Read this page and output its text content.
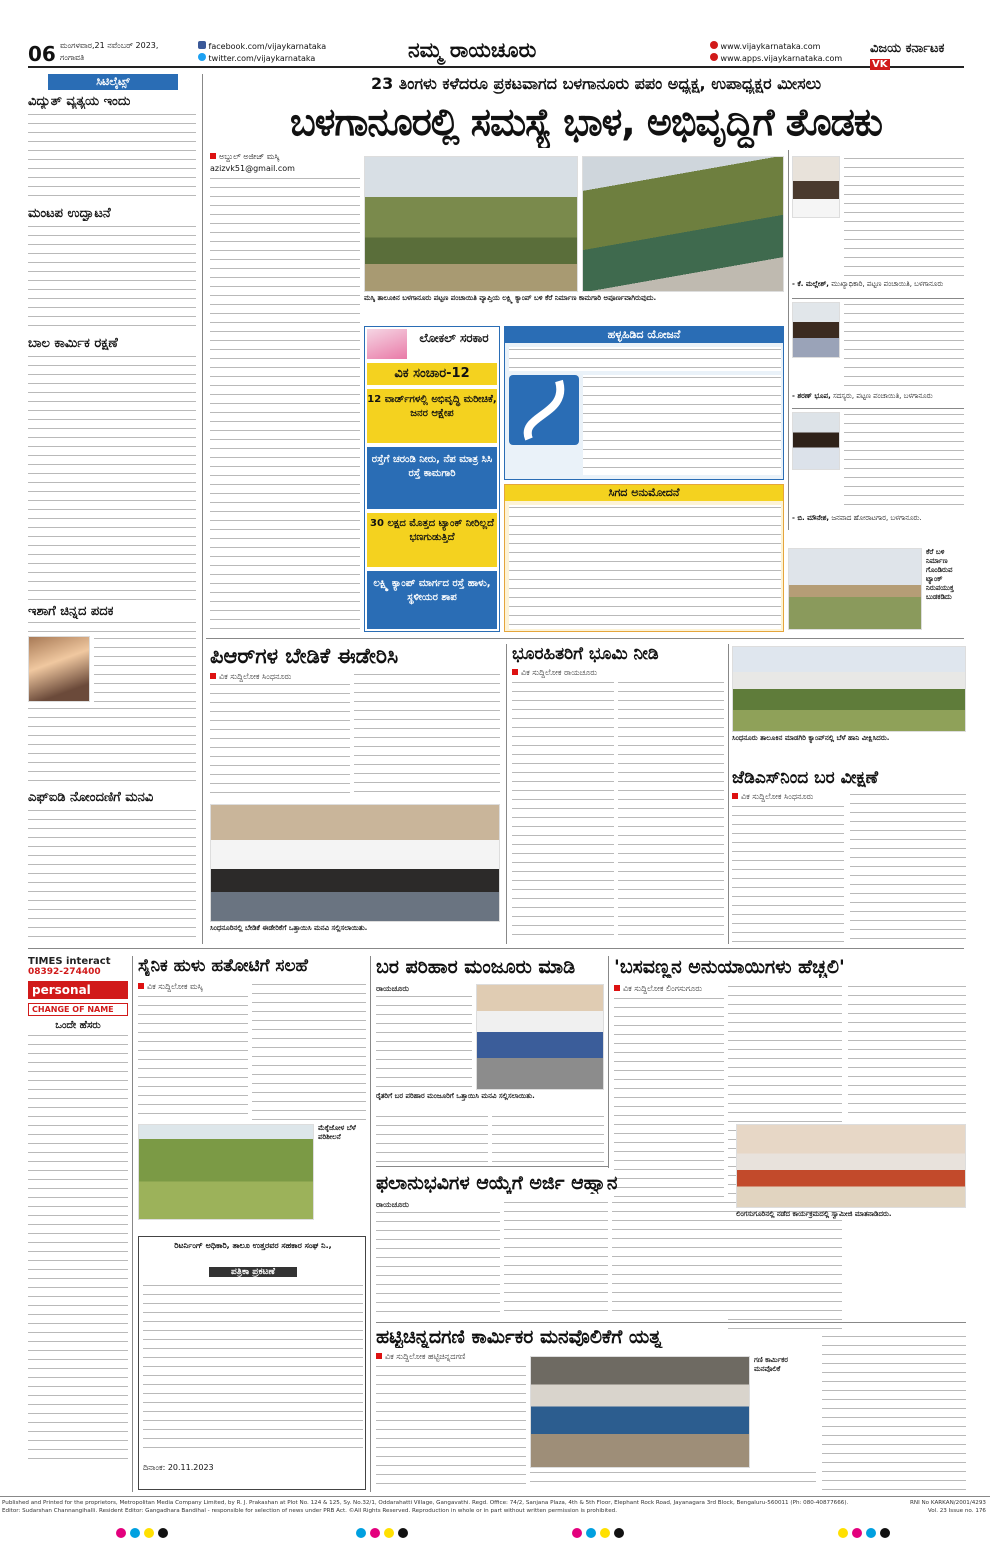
06 ಮಂಗಳವಾರ,21 ನವೆಂಬರ್ 2023,
ಗಂಗಾವತಿ
facebook.com/vijaykarnataka
twitter.com/vijaykarnataka	ನಮ್ಮ ರಾಯಚೂರು	www.vijaykarnataka.com
www.apps.vijaykarnataka.com
ವಿಜಯ ಕರ್ನಾಟಕ VK
ಸಿಟಿಲೈಟ್ಸ್
ವಿದ್ಯುತ್ ವ್ಯತ್ಯಯ ಇಂದು
ಮಂಟಪ ಉದ್ಘಾಟನೆ
ಬಾಲ ಕಾರ್ಮಿಕ ರಕ್ಷಣೆ
ಇಶಾಗೆ ಚಿನ್ನದ ಪದಕ
ಎಫ್‌ಐಡಿ ನೋಂದಣಿಗೆ ಮನವಿ
23 ತಿಂಗಳು ಕಳೆದರೂ ಪ್ರಕಟವಾಗದ ಬಳಗಾನೂರು ಪಪಂ ಅಧ್ಯಕ್ಷ, ಉಪಾಧ್ಯಕ್ಷರ ಮೀಸಲು
ಬಳಗಾನೂರಲ್ಲಿ ಸಮಸ್ಯೆ ಭಾಳ, ಅಭಿವೃದ್ಧಿಗೆ ತೊಡಕು
ಅಬ್ದುಲ್ ಅಜೀಜ್ ಮಸ್ಕಿ
azizvk51@gmail.com
ಮಸ್ಕಿ ತಾಲೂಕಿನ ಬಳಗಾನೂರು ಪಟ್ಟಣ ಪಂಚಾಯಿತಿ ವ್ಯಾಪ್ತಿಯ ಲಕ್ಷ್ಮಿ ಕ್ಯಾಂಪ್ ಬಳಿ ಕೆರೆ ನಿರ್ಮಾಣ ಕಾಮಗಾರಿ ಅಪೂರ್ಣವಾಗಿರುವುದು.
- ಕೆ. ಮಲ್ಲೇಶ್, ಮುಖ್ಯಾಧಿಕಾರಿ, ಪಟ್ಟಣ ಪಂಚಾಯಿತಿ, ಬಳಗಾನೂರು
- ಶರಣ್ ಭೂಪ, ಸದಸ್ಯರು, ಪಟ್ಟಣ ಪಂಚಾಯಿತಿ, ಬಳಗಾನೂರು
- ಬಿ. ಮೌನೇಶ, ಜನವಾದ ಹೋರಾಟಗಾರ, ಬಳಗಾನೂರು.
ಕೆರೆ ಬಳಿ ನಿರ್ಮಾಣ ಗೊಂಡಿರುವ ಟ್ಯಾಂಕ್ ನಿರುಪಯುಕ್ತ ಬುಡಕಡಿದು
ಲೋಕಲ್ ಸರಕಾರ
ವಿಕ ಸಂಚಾರ-12
12 ವಾರ್ಡ್‌ಗಳಲ್ಲಿ ಅಭಿವೃದ್ಧಿ ಮರೀಚಿಕೆ, ಜನರ ಆಕ್ಷೇಪ
ರಸ್ತೆಗೆ ಚರಂಡಿ ನೀರು, ನೆಪ ಮಾತ್ರ ಸಿಸಿ ರಸ್ತೆ ಕಾಮಗಾರಿ
30 ಲಕ್ಷದ ಮೊತ್ತದ ಟ್ಯಾಂಕ್ ನೀರಿಲ್ಲದೆ ಭಣಗುಡುತ್ತಿದೆ
ಲಕ್ಷ್ಮಿ ಕ್ಯಾಂಪ್ ಮಾರ್ಗದ ರಸ್ತೆ ಹಾಳು, ಸ್ಥಳೀಯರ ಶಾಪ
ಹಳ್ಳಹಿಡಿದ ಯೋಜನೆ
ಸಿಗದ ಅನುಮೋದನೆ
ಪಿಆರ್‌ಗಳ ಬೇಡಿಕೆ ಈಡೇರಿಸಿ
ವಿಕ ಸುದ್ದಿಲೋಕ ಸಿಂಧನೂರು
ಸಿಂಧನೂರಿನಲ್ಲಿ ಬೇಡಿಕೆ ಈಡೇರಿಕೆಗೆ ಒತ್ತಾಯಿಸಿ ಮನವಿ ಸಲ್ಲಿಸಲಾಯಿತು.
ಭೂರಹಿತರಿಗೆ ಭೂಮಿ ನೀಡಿ
ವಿಕ ಸುದ್ದಿಲೋಕ ರಾಯಚೂರು
ಸಿಂಧನೂರು ತಾಲೂಕಿನ ಮಾಡಗಿರಿ ಕ್ಯಾಂಪ್‌ನಲ್ಲಿ ಬೆಳೆ ಹಾನಿ ವೀಕ್ಷಿಸಿದರು.
ಜೆಡಿಎಸ್‌ನಿಂದ ಬರ ವೀಕ್ಷಣೆ
ವಿಕ ಸುದ್ದಿಲೋಕ ಸಿಂಧನೂರು
TIMES interact
08392-274400
personal
CHANGE OF NAME
ಒಂದೇ ಹೆಸರು
ಸೈನಿಕ ಹುಳು ಹತೋಟಿಗೆ ಸಲಹೆ
ವಿಕ ಸುದ್ದಿಲೋಕ ಮಸ್ಕಿ
ಮೆಕ್ಕೆಜೋಳ ಬೆಳೆ ಪರಿಶೀಲನೆ
ರಿಟರ್ನಿಂಗ್ ಅಧಿಕಾರಿ, ತಾಲೂ ಉತ್ತರವರ ಸಹಕಾರ ಸಂಘ ನಿ.,
ಪತ್ರಿಕಾ ಪ್ರಕಟಣೆ
ದಿನಾಂಕ: 20.11.2023
ಬರ ಪರಿಹಾರ ಮಂಜೂರು ಮಾಡಿ
ರಾಯಚೂರು
ರೈತರಿಗೆ ಬರ ಪರಿಹಾರ ಮಂಜೂರಿಗೆ ಒತ್ತಾಯಿಸಿ ಮನವಿ ಸಲ್ಲಿಸಲಾಯಿತು.
'ಬಸವಣ್ಣನ ಅನುಯಾಯಿಗಳು ಹೆಚ್ಚಲಿ'
ವಿಕ ಸುದ್ದಿಲೋಕ ಲಿಂಗಸುಗೂರು
ಲಿಂಗಸುಗೂರಿನಲ್ಲಿ ನಡೆದ ಕಾರ್ಯಕ್ರಮದಲ್ಲಿ ಸ್ವಾಮೀಜಿ ಮಾತನಾಡಿದರು.
ಫಲಾನುಭವಿಗಳ ಆಯ್ಕೆಗೆ ಅರ್ಜಿ ಆಹ್ವಾನ
ರಾಯಚೂರು
ಹಟ್ಟಿಚಿನ್ನದಗಣಿ ಕಾರ್ಮಿಕರ ಮನವೊಲಿಕೆಗೆ ಯತ್ನ
ವಿಕ ಸುದ್ದಿಲೋಕ ಹಟ್ಟಿಚಿನ್ನದಗಣಿ	ಗಣಿ ಕಾರ್ಮಿಕರ ಮನವೊಲಿಕೆ
Published and Printed for the proprietors, Metropolitan Media Company Limited, by R. J. Prakashan at Plot No. 124 & 125, Sy. No.32/1, Oddarahatti Village, Gangavathi. Regd. Office: 74/2, Sanjana Plaza, 4th & 5th Floor, Elephant Rock Road, Jayanagara 3rd Block, Bengaluru-560011 (Ph: 080-40877666).
Editor: Sudarshan Channangihalli. Resident Editor: Gangadhara Bandihal - responsible for selection of news under PRB Act. ©All Rights Reserved. Reproduction in whole or in part without written permission is prohibited.
RNI No KARKAN/2001/4293
Vol. 23 Issue no. 176
